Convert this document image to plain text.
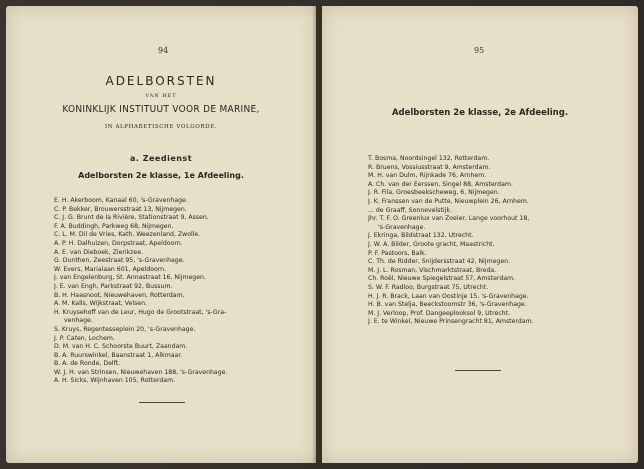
94
ADELBORSTEN
VAN HET
KONINKLIJK INSTITUUT VOOR DE MARINE,
IN ALPHABETISCHE VOLGORDE.
a. Zeedienst
Adelborsten 2e klasse, 1e Afdeeling.
E. H. Akerboom, Kanaal 60, 's-Gravenhage.
C. P. Bekker, Brouwersstraat 13, Nijmegen.
C. J. G. Brunt de la Rivière, Stationstraat 9, Assen.
F. A. Buddingh, Parkweg 68, Nijmegen.
C. L. M. Dil de Vries, Kath. Weezenland, Zwolle.
A. P. H. Dalhuizen, Dorpstraat, Apeldoorn.
A. E. van Dieboek, Zierikzee.
G. Dunthen, Zeestraat 95, 's-Gravenhage.
W. Evers, Marialaan 601, Apeldoorn.
J. van Engelenburg, St. Annastraat 16, Nijmegen.
J. E. van Engh, Parkstraat 92, Bussum.
B. H. Haasnoot, Nieuwehaven, Rotterdam.
A. M. Kalls, Wijkstraat, Velsen.
H. Kruysehoff van de Leur, Hugo de Grootstraat, 's-Gra-
venhage.
S. Kruys, Regentesseplein 20, 's-Gravenhage.
J. P. Caten, Lochem.
D. M. van H. C. Schoorste Buurt, Zaandam.
B. A. Ruurswinkel, Baanstraat 1, Alkmaar.
B. A. de Ronde, Delft.
W. J. H. van Strinsen, Nieuwehaven 188, 's-Gravenhage.
A. H. Sicks, Wijnhaven 105, Rotterdam.
95
Adelborsten 2e klasse, 2e Afdeeling.
T. Bosma, Noordsingel 132, Rotterdam.
R. Bruens, Vossiusstraat 9, Amsterdam.
M. H. van Dulm, Rijnkade 76, Arnhem.
A. Ch. van der Eerssen, Singel 88, Amsterdam.
J. R. Fila, Groesbeekscheweg, 6, Nijmegen.
J. K. Franssen van de Putte, Nieuwplein 26, Arnhem.
... de Graaff, Sonnevelstijk.
Jhr. T. F. O. Greenlux van Zoeler, Lange voorhout 18,
's-Gravenhage.
J. Ekringa, Bildstraat 132, Utrecht.
J. W. A. Bilder, Groote gracht, Maastricht.
P. F. Pastoors, Balk.
C. Th. de Ridder, Snijdersstraat 42, Nijmegen.
M. J. L. Rosman, Vischmarktstraat, Breda.
Ch. Roël, Nieuwe Spiegelstraat 57, Amsterdam.
S. W. F. Radloo, Burgstraat 75, Utrecht.
H. J. R. Brack, Laan van Oostinje 15, 's-Gravenhage.
H. B. van Stelja, Beeckstoomstr 36, 's-Gravenhage.
M. J. Verloop, Prof. Dangeeplooksol 9, Utrecht.
J. E. te Winkel, Nieuwe Prinsengracht 81, Amsterdam.
